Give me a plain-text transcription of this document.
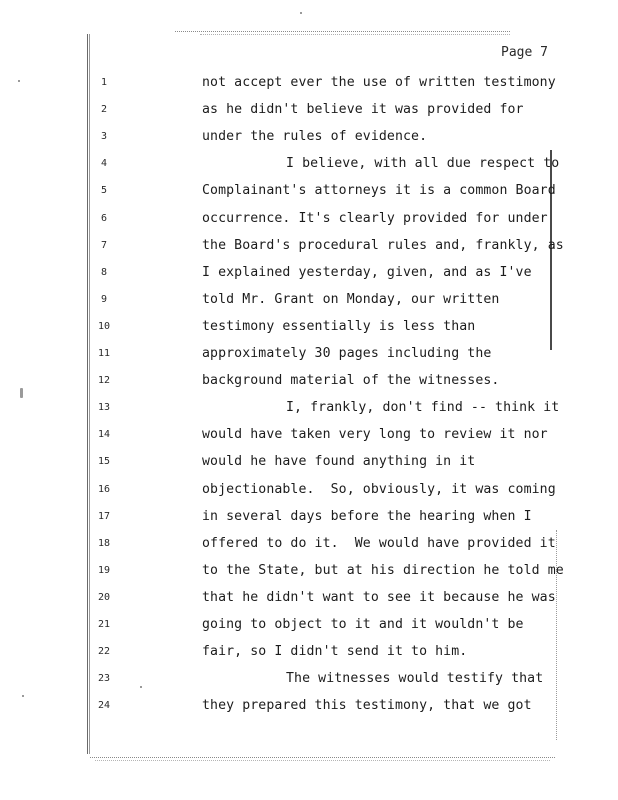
Page 7
1	not accept ever the use of written testimony
2	as he didn't believe it was provided for
3	under the rules of evidence.
4	I believe, with all due respect to
5	Complainant's attorneys it is a common Board
6	occurrence. It's clearly provided for under
7	the Board's procedural rules and, frankly, as
8	I explained yesterday, given, and as I've
9	told Mr. Grant on Monday, our written
10	testimony essentially is less than
11	approximately 30 pages including the
12	background material of the witnesses.
13	I, frankly, don't find -- think it
14	would have taken very long to review it nor
15	would he have found anything in it
16	objectionable.  So, obviously, it was coming
17	in several days before the hearing when I
18	offered to do it.  We would have provided it
19	to the State, but at his direction he told me
20	that he didn't want to see it because he was
21	going to object to it and it wouldn't be
22	fair, so I didn't send it to him.
23	The witnesses would testify that
24	they prepared this testimony, that we got
